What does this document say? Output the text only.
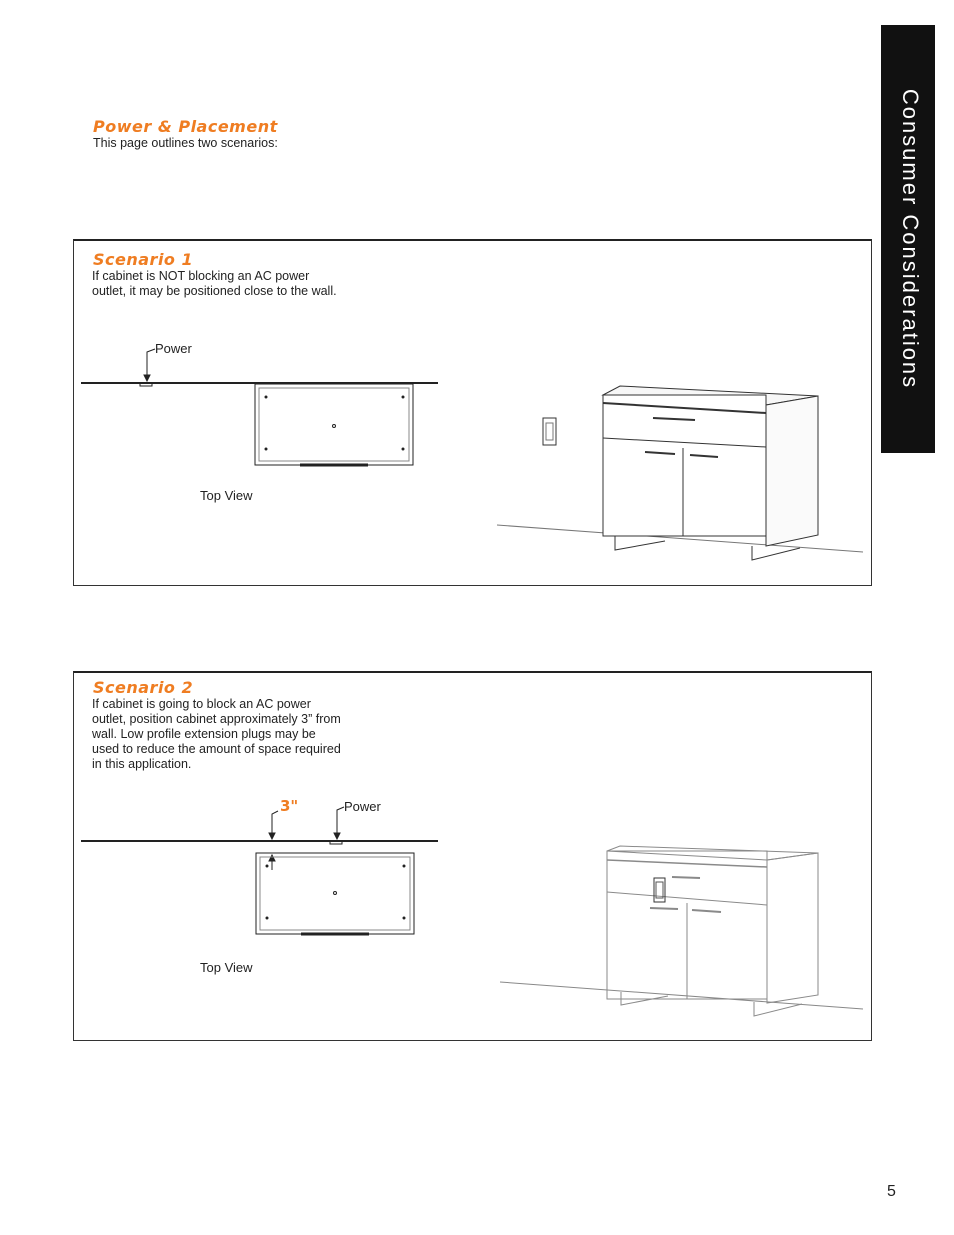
Consumer Considerations
Power & Placement
This page outlines two scenarios:
Scenario 1
If cabinet is NOT blocking an AC power
outlet, it may be positioned close to the wall.
Power
Top View
Scenario 2
If cabinet is going to block an AC power
outlet, position cabinet approximately 3” from
wall. Low profile extension plugs may be
used to reduce the amount of space required
in this application.
3"	Power
Top View
5
